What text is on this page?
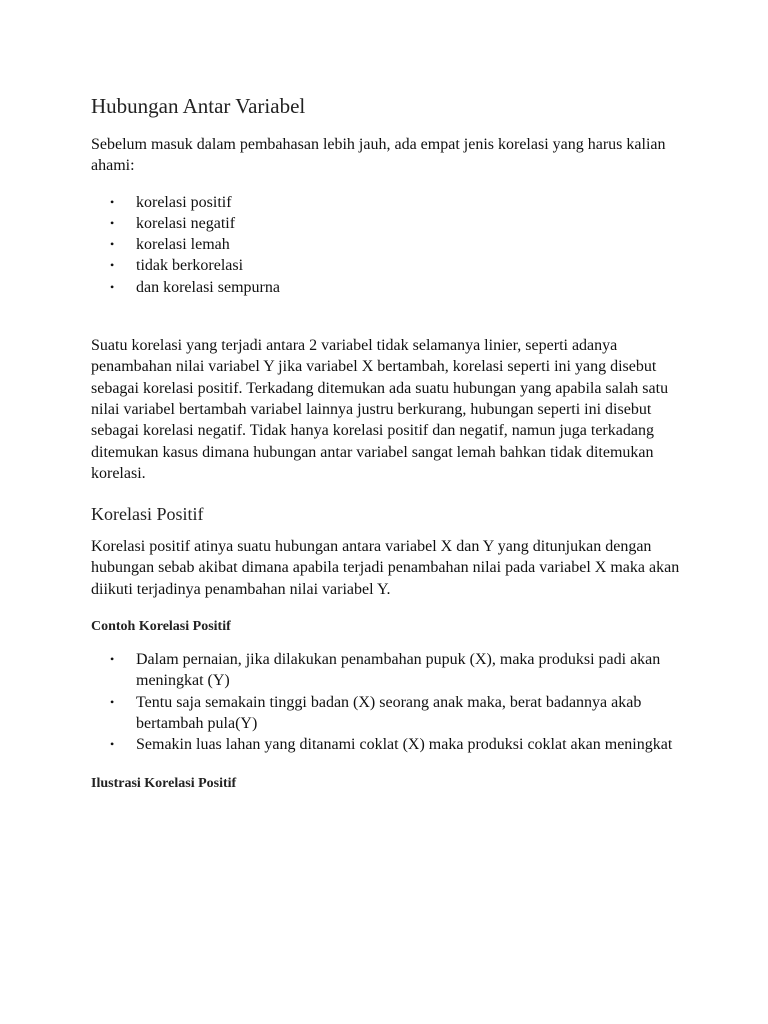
Hubungan Antar Variabel

Sebelum masuk dalam pembahasan lebih jauh, ada empat jenis korelasi yang harus kalian ahami:

• korelasi positif
• korelasi negatif
• korelasi lemah
• tidak berkorelasi
• dan korelasi sempurna

Suatu korelasi yang terjadi antara 2 variabel tidak selamanya linier, seperti adanya penambahan nilai variabel Y jika variabel X bertambah, korelasi seperti ini yang disebut sebagai korelasi positif. Terkadang ditemukan ada suatu hubungan yang apabila salah satu nilai variabel bertambah variabel lainnya justru berkurang, hubungan seperti ini disebut sebagai korelasi negatif. Tidak hanya korelasi positif dan negatif, namun juga terkadang ditemukan kasus dimana hubungan antar variabel sangat lemah bahkan tidak ditemukan korelasi.

Korelasi Positif

Korelasi positif atinya suatu hubungan antara variabel X dan Y yang ditunjukan dengan hubungan sebab akibat dimana apabila terjadi penambahan nilai pada variabel X maka akan diikuti terjadinya penambahan nilai variabel Y.

Contoh Korelasi Positif
• Dalam pernaian, jika dilakukan penambahan pupuk (X), maka produksi padi akan meningkat (Y)
• Tentu saja semakain tinggi badan (X) seorang anak maka, berat badannya akab bertambah pula(Y)
• Semakin luas lahan yang ditanami coklat (X) maka produksi coklat akan meningkat
Ilustrasi Korelasi Positif
